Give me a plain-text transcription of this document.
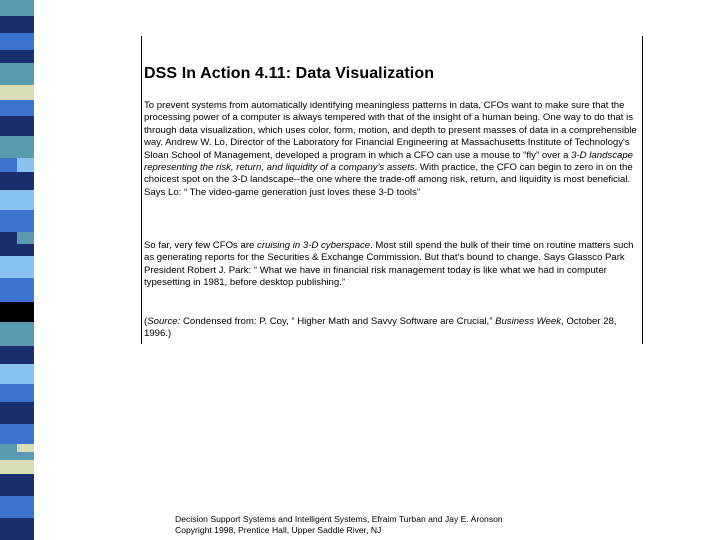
DSS In Action 4.11: Data Visualization
To prevent systems from automatically identifying meaningless patterns in data, CFOs want to make sure that the processing power of a computer is always tempered with that of the insight of a human being. One way to do that is through data visualization, which uses color, form, motion, and depth to present masses of data in a comprehensible way. Andrew W. Lo, Director of the Laboratory for Financial Engineering at Massachusetts Institute of Technology's Sloan School of Management, developed a program in which a CFO can use a mouse to “fly” over a 3-D landscape representing the risk, return, and liquidity of a company's assets. With practice, the CFO can begin to zero in on the choicest spot on the 3-D landscape--the one where the trade-off among risk, return, and liquidity is most beneficial. Says Lo: “ The video-game generation just loves these 3-D tools”
So far, very few CFOs are cruising in 3-D cyberspace. Most still spend the bulk of their time on routine matters such as generating reports for the Securities & Exchange Commission. But that's bound to change. Says Glassco Park President Robert J. Park: “ What we have in financial risk management today is like what we had in computer typesetting in 1981, before desktop publishing.”
(Source: Condensed from: P. Coy, “ Higher Math and Savvy Software are Crucial,” Business Week, October 28, 1996.)
Decision Support Systems and Intelligent Systems, Efraim Turban and Jay E. Aronson
Copyright 1998, Prentice Hall, Upper Saddle River, NJ
